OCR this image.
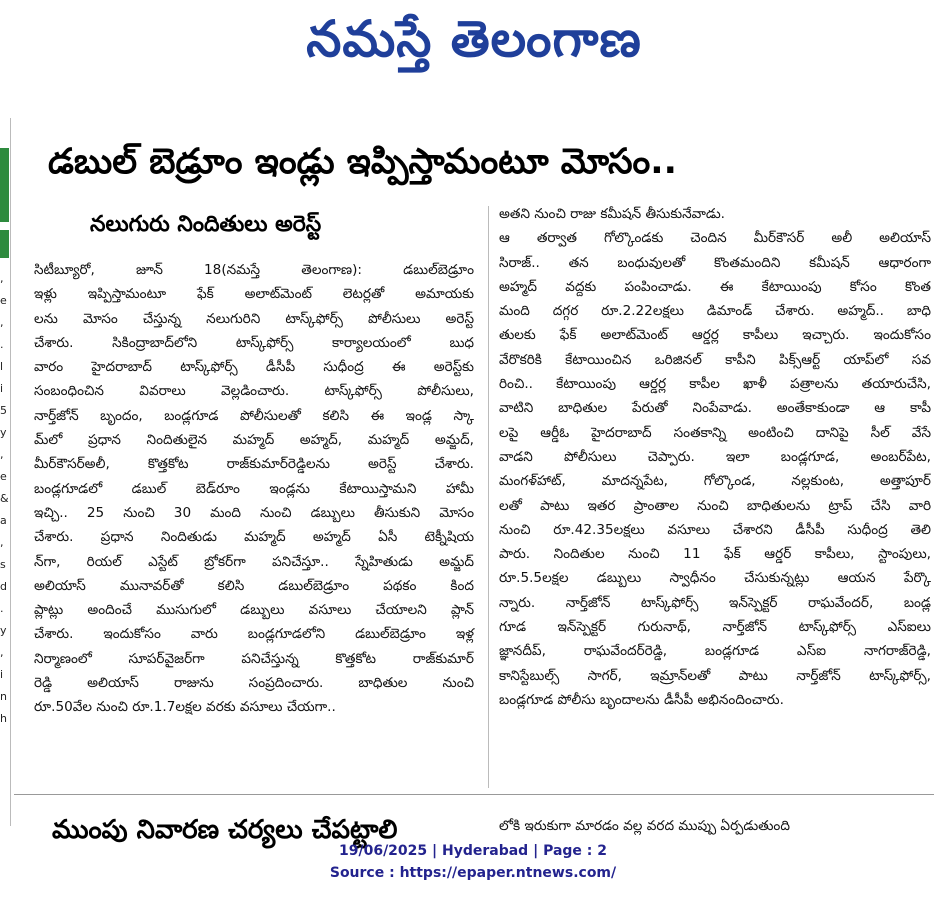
నమస్తే తెలంగాణ
,
e
,
.
l
i
5
y
,
e
&
a
,
s
d
.
y
,
i
n
h
డబుల్ బెడ్రూం ఇండ్లు ఇప్పిస్తామంటూ మోసం..
నలుగురు నిందితులు అరెస్ట్
సిటీబ్యూరో, జూన్ 18(నమస్తే తెలంగాణ): డబుల్‌బెడ్రూం
ఇళ్లు ఇప్పిస్తామంటూ ఫేక్ అలాట్‌మెంట్ లెటర్లతో అమాయకు
లను మోసం చేస్తున్న నలుగురిని టాస్క్‌ఫోర్స్ పోలీసులు అరెస్ట్
చేశారు. సికింద్రాబాద్‌లోని టాస్క్‌ఫోర్స్ కార్యాలయంలో బుధ
వారం హైదరాబాద్ టాస్క్‌ఫోర్స్ డీసీపీ సుధీంద్ర ఈ అరెస్ట్‌కు
సంబంధించిన వివరాలు వెల్లడించారు. టాస్క్‌ఫోర్స్ పోలీసులు,
నార్త్‌జోన్ బృందం, బండ్లగూడ పోలీసులతో కలిసి ఈ ఇండ్ల స్కా
మ్‌లో ప్రధాన నిందితులైన మహ్మద్ అహ్మద్, మహ్మద్ అమ్జద్,
మీర్‌కౌసర్‌అలీ, కొత్తకోట రాజ్‌కుమార్‌రెడ్డిలను అరెస్ట్ చేశారు.
బండ్లగూడలో డబుల్ బెడ్‌రూం ఇండ్లను కేటాయిస్తామని హామీ
ఇచ్చి.. 25 నుంచి 30 మంది నుంచి డబ్బులు తీసుకుని మోసం
చేశారు. ప్రధాన నిందితుడు మహ్మద్ అహ్మద్ ఏసీ టెక్నీషియ
న్‌గా, రియల్ ఎస్టేట్ బ్రోకర్‌గా పనిచేస్తూ.. స్నేహితుడు అమ్జద్
అలియాస్ మునావర్‌తో కలిసి డబుల్‌బెడ్రూం పథకం కింద
ప్లాట్లు అందించే ముసుగులో డబ్బులు వసూలు చేయాలని ప్లాన్
చేశారు. ఇందుకోసం వారు బండ్లగూడలోని డబుల్‌బెడ్రూం ఇళ్ల
నిర్మాణంలో సూపర్‌వైజర్‌గా పనిచేస్తున్న కొత్తకోట రాజ్‌కుమార్
రెడ్డి అలియాస్ రాజును సంప్రదించారు. బాధితుల నుంచి
రూ.50వేల నుంచి రూ.1.7లక్షల వరకు వసూలు చేయగా..
అతని నుంచి రాజు కమీషన్ తీసుకునేవాడు.
ఆ తర్వాత గోల్కొండకు చెందిన మీర్‌కౌసర్ అలీ అలియాస్
సిరాజ్.. తన బంధువులతో కొంతమందిని కమీషన్ ఆధారంగా
అహ్మద్ వద్దకు పంపించాడు. ఈ కేటాయింపు కోసం కొంత
మంది దగ్గర రూ.2.22లక్షలు డిమాండ్ చేశారు. అహ్మద్.. బాధి
తులకు ఫేక్ అలాట్‌మెంట్ ఆర్డర్ల కాపీలు ఇచ్చారు. ఇందుకోసం
వేరొకరికి కేటాయించిన ఒరిజినల్ కాపీని పిక్స్‌ఆర్ట్ యాప్‌లో సవ
రించి.. కేటాయింపు ఆర్డర్ల కాపీల ఖాళీ పత్రాలను తయారుచేసి,
వాటిని బాధితుల పేరుతో నింపేవాడు. అంతేకాకుండా ఆ కాపీ
లపై ఆర్డీఓ హైదరాబాద్ సంతకాన్ని అంటించి దానిపై సీల్ వేసే
వాడని పోలీసులు చెప్పారు. ఇలా బండ్లగూడ, అంబర్‌పేట,
మంగళ్‌హాట్, మాదన్నపేట, గోల్కొండ, నల్లకుంట, అత్తాపూర్
లతో పాటు ఇతర ప్రాంతాల నుంచి బాధితులను ట్రాప్ చేసి వారి
నుంచి రూ.42.35లక్షలు వసూలు చేశారని డీసీపీ సుధీంద్ర తెలి
పారు. నిందితుల నుంచి 11 ఫేక్ ఆర్డర్ కాపీలు, స్టాంపులు,
రూ.5.5లక్షల డబ్బులు స్వాధీనం చేసుకున్నట్లు ఆయన పేర్కొ
న్నారు. నార్త్‌జోన్ టాస్క్‌ఫోర్స్ ఇన్‌స్పెక్టర్ రాఘవేందర్, బండ్ల
గూడ ఇన్‌స్పెక్టర్ గురునాథ్, నార్త్‌జోన్ టాస్క్‌ఫోర్స్ ఎస్‌ఐలు
జ్ఞానదీప్, రాఘవేందర్‌రెడ్డి, బండ్లగూడ ఎస్ఐ నాగరాజ్‌రెడ్డి,
కానిస్టేబుల్స్ సాగర్, ఇమ్రాన్‌లతో పాటు నార్త్‌జోన్ టాస్క్‌ఫోర్స్,
బండ్లగూడ పోలీసు బృందాలను డీసీపీ అభినందించారు.
ముంపు నివారణ చర్యలు చేపట్టాలి	లోకి ఇరుకుగా మారడం వల్ల వరద ముప్పు ఏర్పడుతుంది
19/06/2025 | Hyderabad | Page : 2
Source : https://epaper.ntnews.com/
